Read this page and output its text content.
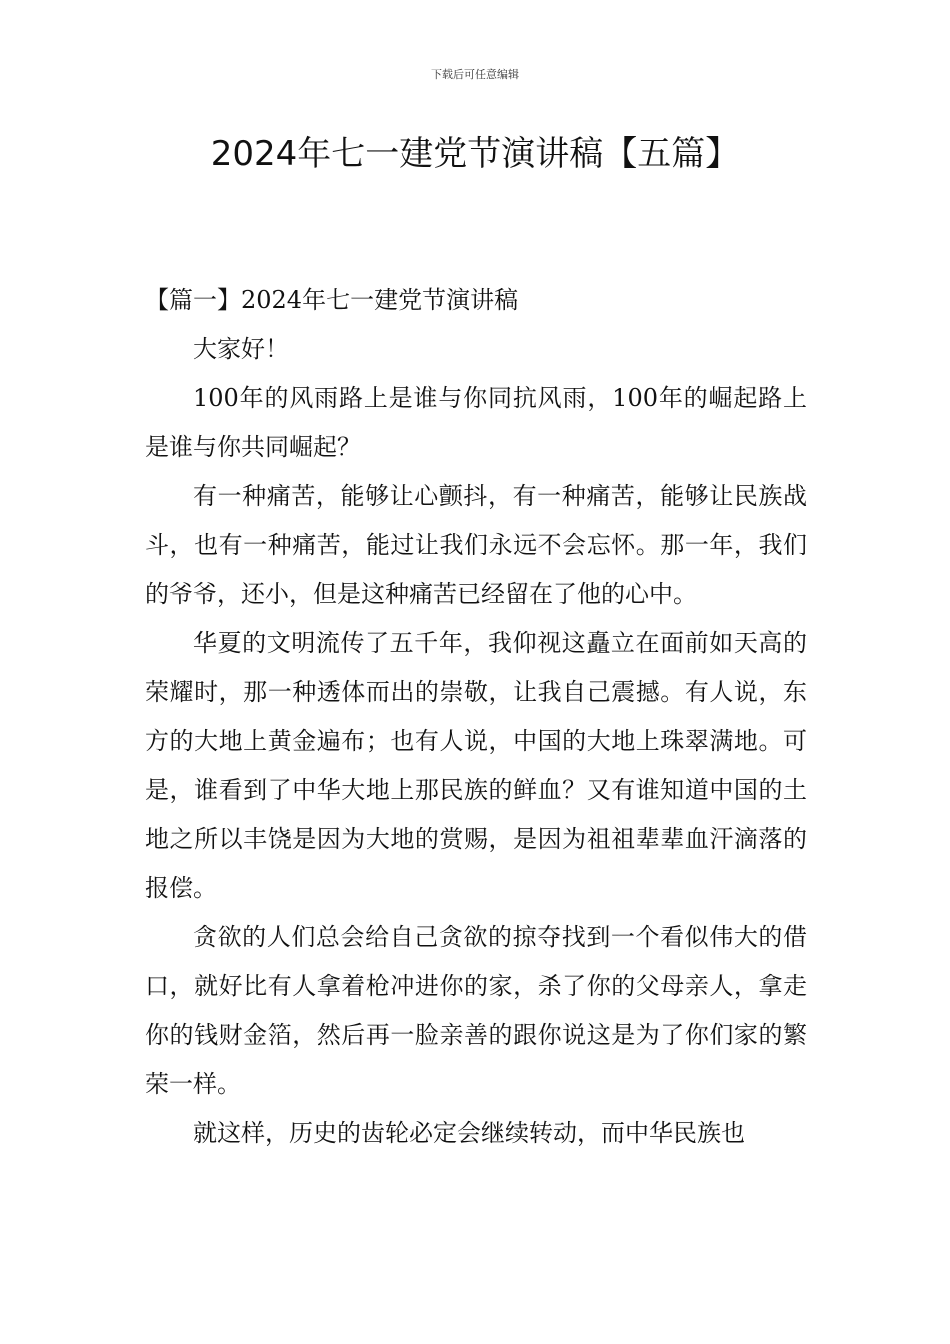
下载后可任意编辑
2024年七一建党节演讲稿【五篇】
【篇一】2024年七一建党节演讲稿

大家好！

100年的风雨路上是谁与你同抗风雨，100年的崛起路上是谁与你共同崛起？

有一种痛苦，能够让心颤抖，有一种痛苦，能够让民族战斗，也有一种痛苦，能过让我们永远不会忘怀。那一年，我们的爷爷，还小，但是这种痛苦已经留在了他的心中。

华夏的文明流传了五千年，我仰视这矗立在面前如天高的荣耀时，那一种透体而出的崇敬，让我自己震撼。有人说，东方的大地上黄金遍布；也有人说，中国的大地上珠翠满地。可是，谁看到了中华大地上那民族的鲜血？又有谁知道中国的土地之所以丰饶是因为大地的赏赐，是因为祖祖辈辈血汗滴落的报偿。

贪欲的人们总会给自己贪欲的掠夺找到一个看似伟大的借口，就好比有人拿着枪冲进你的家，杀了你的父母亲人，拿走你的钱财金箔，然后再一脸亲善的跟你说这是为了你们家的繁荣一样。

就这样，历史的齿轮必定会继续转动，而中华民族也
